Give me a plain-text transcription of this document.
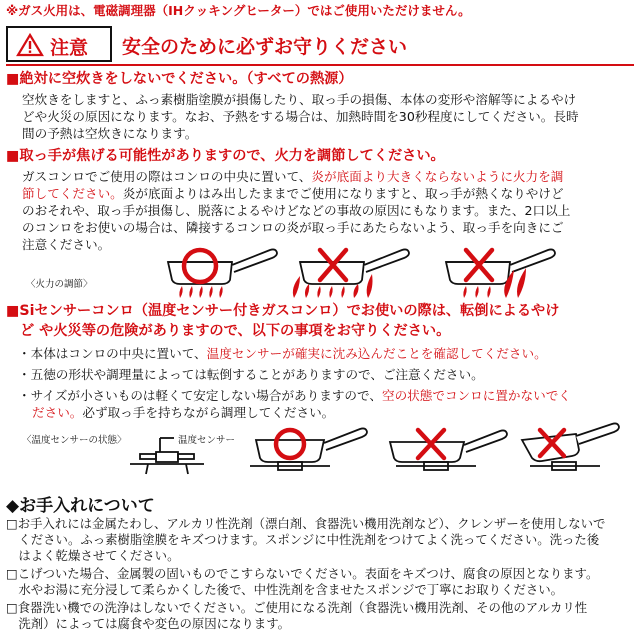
※ガス火用は、電磁調理器（IHクッキングヒーター）ではご使用いただけません。
注意 安全のために必ずお守りください
■絶対に空炊きをしないでください。（すべての熱源）
空炊きをしますと、ふっ素樹脂塗膜が損傷したり、取っ手の損傷、本体の変形や溶解等によるやけ
どや火災の原因になります。なお、予熱をする場合は、加熱時間を30秒程度にしてください。長時
間の予熱は空炊きになります。
■取っ手が焦げる可能性がありますので、火力を調節してください。
ガスコンロでご使用の際はコンロの中央に置いて、炎が底面より大きくならないように火力を調
節してください。炎が底面よりはみ出したままでご使用になりますと、取っ手が熱くなりやけど
のおそれや、取っ手が損傷し、脱落によるやけどなどの事故の原因にもなります。また、2口以上
のコンロをお使いの場合は、隣接するコンロの炎が取っ手にあたらないよう、取っ手を向きにご
注意ください。
〈火力の調節〉
■Siセンサーコンロ（温度センサー付きガスコンロ）でお使いの際は、転倒によるやけ
ど や火災等の危険がありますので、以下の事項をお守りください。
・本体はコンロの中央に置いて、温度センサーが確実に沈み込んだことを確認してください。
・五徳の形状や調理量によっては転倒することがありますので、ご注意ください。
・サイズが小さいものは軽くて安定しない場合がありますので、空の状態でコンロに置かないでく
ださい。必ず取っ手を持ちながら調理してください。
〈温度センサーの状態〉	温度センサー
◆お手入れについて
□お手入れには金属たわし、アルカリ性洗剤（漂白剤、食器洗い機用洗剤など）、クレンザーを使用しないで
　ください。ふっ素樹脂塗膜をキズつけます。スポンジに中性洗剤をつけてよく洗ってください。洗った後
　はよく乾燥させてください。
□こげついた場合、金属製の固いものでこすらないでください。表面をキズつけ、腐食の原因となります。
　水やお湯に充分浸して柔らかくした後で、中性洗剤を含ませたスポンジで丁寧にお取りください。
□食器洗い機での洗浄はしないでください。ご使用になる洗剤（食器洗い機用洗剤、その他のアルカリ性
　洗剤）によっては腐食や変色の原因になります。
